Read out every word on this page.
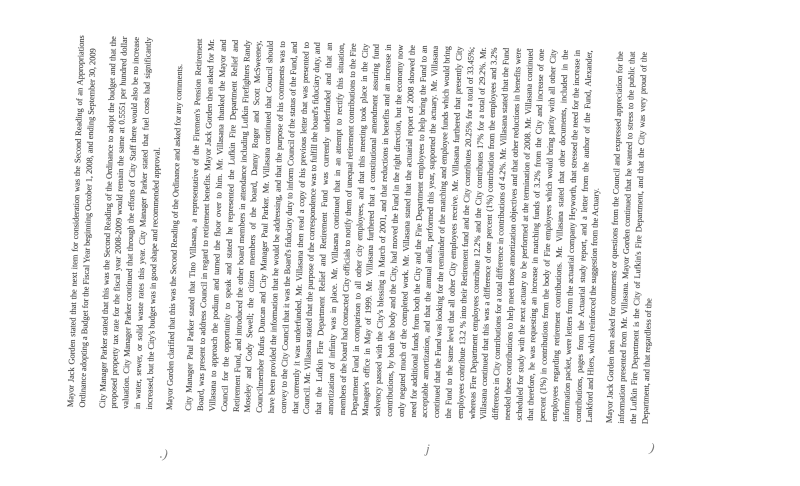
Mayor Jack Gorden stated that the next item for consideration was the Second Reading of an Appropriations Ordinance adopting a Budget for the Fiscal Year beginning October 1, 2008, and ending September 30, 2009 City Manager Parker stated that this was the Second Reading of the Ordinance to adopt the budget and that the proposed property tax rate for the fiscal year 2008-2009 would remain the same at 0.5551 per hundred dollar valuation. City Manager Parker continued that through the efforts of City Staff there would also be no increase in water, sewer, or solid waste rates this year. City Manager Parker stated that fuel costs had significantly increased, but the City's budget was in good shape and recommended approval. Mayor Gorden clarified that this was the Second Reading of the Ordinance and asked for any comments. City Manager Paul Parker stated that Tino Villasana, a representative of the Firemen's Pension Retirement Board, was present to address Council in regard to retirement benefits. Mayor Jack Gorden then asked for Mr. Villasana to approach the podium and turned the floor over to him. Mr. Villasana thanked the Mayor and Council for the opportunity to speak and stated he represented the Lufkin Fire Department Relief and Retirement Fund, and introduced the other board members in attendance including Lufkin Firefighters Randy Moseley and Cody Sewell; the citizen members of the board, Danny Roger and Scott McSweeney, Councilmember Rufus Duncan and City Manager Paul Parker. Mr. Villasana continued that Council should have been provided the information that he would be addressing, and that the purpose of his comments was to convey to the City Council that it was the Board's fiduciary duty to inform Council of the status of the Fund, and that currently it was underfunded. Mr. Villasana then read a copy of his previous letter that was presented to Council. Mr. Villasana stated that the purpose of the correspondence was to fulfill the board's fiduciary duty, and that the Lufkin Fire Department Relief and Retirement Fund was currently underfunded and that an amortization of infinity was in place. Mr. Villasana continued that in an attempt to rectify this situation, members of the board had contacted City officials to notify them of unequal retirement contributions to the Fire Department Fund in comparison to all other city employees, and that this meeting took place in the City Manager's office in May of 1999. Mr. Villasana furthered that a constitutional amendment assuring fund solvency passed with the City's blessing in March of 2001, and that reductions in benefits and an increase in contributions, by both the body and the City, had moved the Fund in the right direction, but the economy now only negated much of the completed work. Mr. Villasana stated that the actuarial report of 2008 showed the need for additional funds from both the City and the Fire Department employees to help bring the Fund to an acceptable amortization, and that the annual audit, performed this year, supported the actuary. Mr. Villasana continued that the Fund was looking for the remainder of the matching and employee funds which would bring the Fund to the same level that all other City employees receive. Mr. Villasana furthered that presently City employees contribute 13.2 % into their Retirement fund and the City contributes 20.25% for a total of 33.45%; whereas Fire Department employees contribute 12.2% and the City contributes 17% for a total of 29.2%. Mr. Villasana continued that this was a difference of one percent (1%) contribution from the employees and 3.2% difference in City contributions for a total difference in contributions of 4.2%. Mr. Villasana stated that the Fund needed these contributions to help meet those amortization objectives and that other reductions in benefits were scheduled for study with the next actuary to be performed at the termination of 2008. Mr. Villasana continued that therefore, he was requesting an increase in matching funds of 3.2% from the City and increase of one percent (1%) in contributions from the body of Fire employees which would bring parity with all other City employees regarding retirement contributions. Mr. Villasana stated that other documents, included in the information packet, were letters from the actuarial company Heyworth, that stressed the need for the increase in contributions, pages from the Actuarial study report, and a letter from the author of the Fund, Alexander, Lankford and Hiers, which reinforced the suggestion from the Actuary. Mayor Jack Gorden then asked for comments or questions from the Council and expressed appreciation for the information presented from Mr. Villasana. Mayor Gorden continued that he wanted to stress to the public that the Lufkin Fire Department is the City of Lufkin's Fire Department, and that the City was very proud of the Department, and that regardless of the

.)	j	)
